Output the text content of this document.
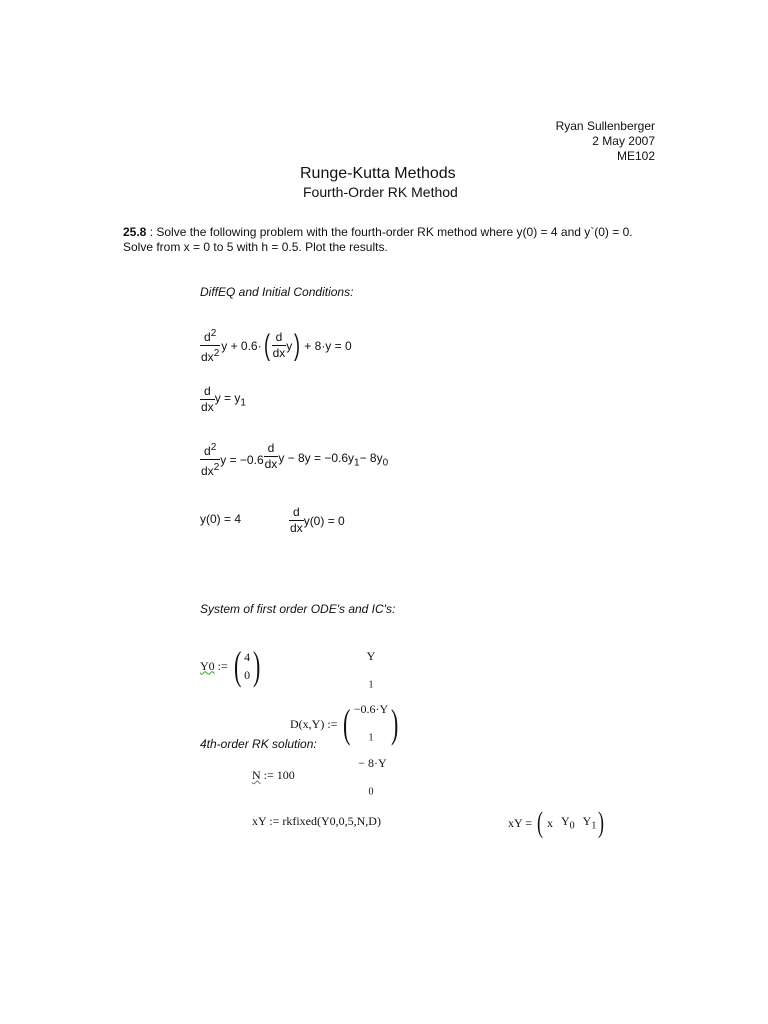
Ryan Sullenberger
2 May 2007
ME102
Runge-Kutta Methods
Fourth-Order RK Method
25.8 : Solve the following problem with the fourth-order RK method where y(0) = 4 and y`(0) = 0.
Solve from x = 0 to 5 with h = 0.5. Plot the results.
DiffEQ and Initial Conditions:
$\frac{d^2}{dx^2}$ y + 0.6· ( $\frac{d}{dx}$ y ) + 8·y = 0
$\frac{d}{dx}$ $y = y_1$
$\frac{d^2}{dx^2}$ $y = -0.6 \frac{d}{dx}$ $y - 8y = -0.6y_1- 8y_0$
y(0) = 4	$\frac{d}{dx} y(0) = 0$
System of first order ODE's and IC's:
Y0 := ( 4
0 )
D(x,Y) := (
Y
$_1$
−0.6·Y
$_1$
− 8·Y
$_0$
)
4th-order RK solution:
N := 100
xY := rkfixed(Y0,0,5,N,D)	xY = ( x $Y_0$ $Y_1$ )
